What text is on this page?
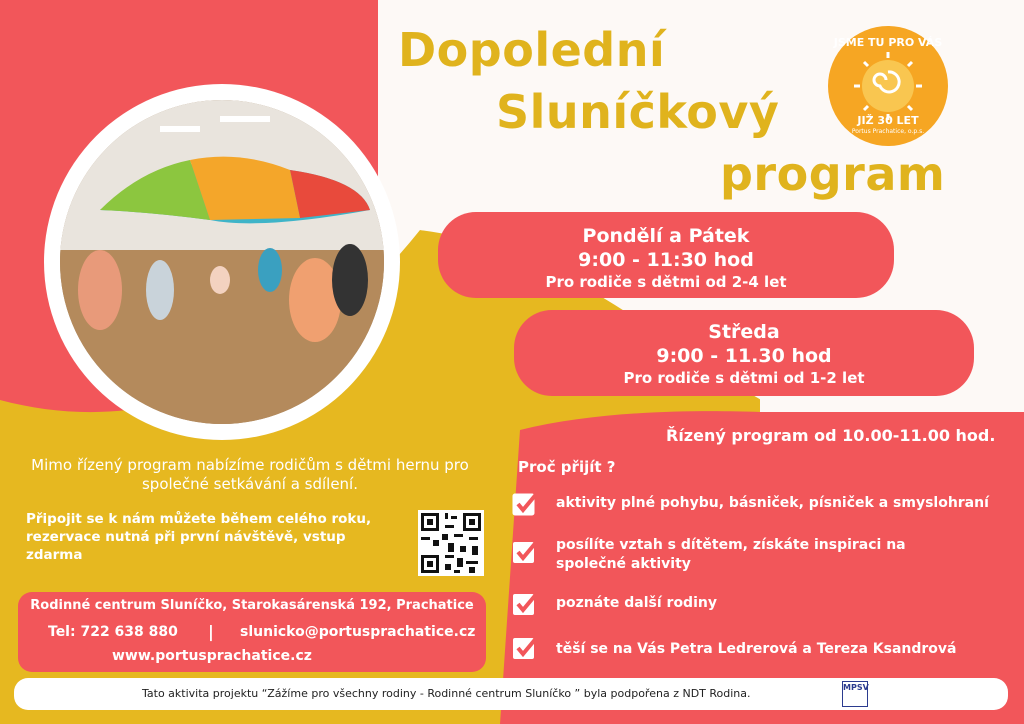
Dopolední
Sluníčkový
program
JSME TU PRO VÁS
JIŽ 30 LET
Portus Prachatice, o.p.s.
Pondělí a Pátek
9:00 - 11:30 hod
Pro rodiče s dětmi od 2-4 let
Středa
9:00 - 11.30 hod
Pro rodiče s dětmi od 1-2 let
Řízený program od 10.00-11.00 hod.
Proč přijít ?
aktivity plné pohybu, básniček, písniček a smyslohraní
posílíte vztah s dítětem, získáte inspiraci na společné aktivity
poznáte další rodiny
těší se na Vás Petra Ledrerová a Tereza Ksandrová
Mimo řízený program nabízíme rodičům s dětmi hernu pro společné setkávání a sdílení.
Připojit se k nám můžete během celého roku, rezervace nutná při první návštěvě, vstup zdarma
Rodinné centrum Sluníčko, Starokasárenská 192, Prachatice
Tel: 722 638 880 | slunicko@portusprachatice.cz
www.portusprachatice.cz
Tato aktivita projektu “Zážíme pro všechny rodiny - Rodinné centrum Sluníčko ” byla podpořena z NDT Rodina.	MPSV
